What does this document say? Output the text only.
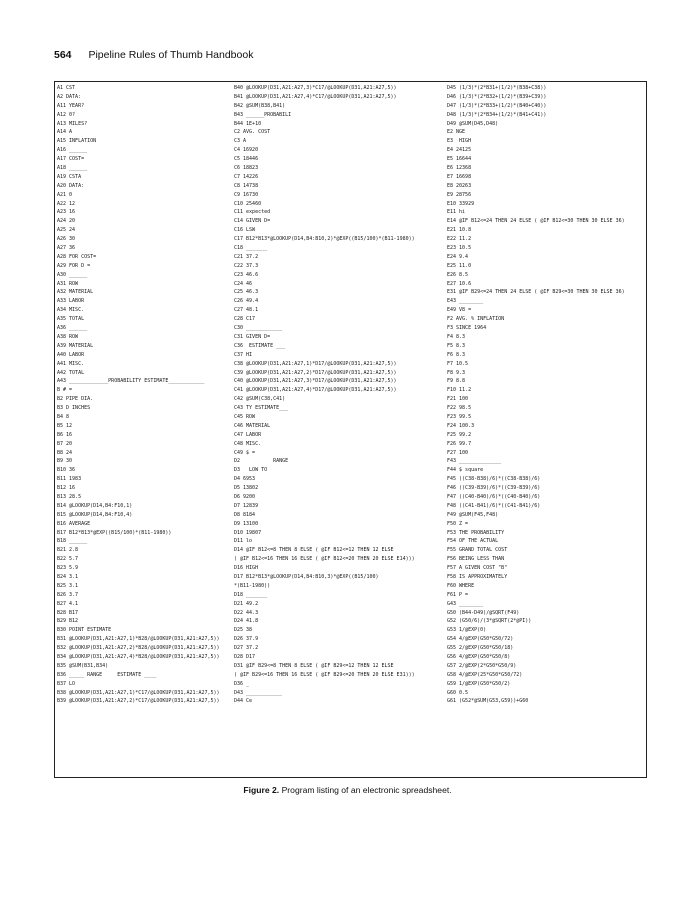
564 Pipeline Rules of Thumb Handbook
A1 CST
A2 DATA:
A11 YEAR?
A12 0?
A13 MILES?
A14 A
A15 INFLATION
A16 ______
A17 COST=
A18 ______
A19 CSTA
A20 DATA:
A21 0
A22 12
A23 16
A24 20
A25 24
A26 30
A27 36
A28 FOR COST=
A29 FOR D =
A30 ______
A31 ROW
A32 MATERIAL
A33 LABOR
A34 MISC.
A35 TOTAL
A36 ______
A38 ROW
A39 MATERIAL
A40 LABOR
A41 MISC.
A42 TOTAL
A43 _____________PROBABILITY ESTIMATE____________
B # =
B2 PIPE DIA.
B3 D INCHES
B4 8
B5 12
B6 16
B7 20
B8 24
B9 30
B10 36
B11 1983
B12 16
B13 28.5
B14 @LOOKUP(D14,B4:F10,1)
B15 @LOOKUP(D14,B4:F10,4)
B16 AVERAGE
B17 B12*B13*@EXP((B15/100)*(B11-1980))
B18 ______
B21 2.8
B22 5.7
B23 5.9
B24 3.1
B25 3.1
B26 3.7
B27 4.1
B28 B17
B29 B12
B30 POINT ESTIMATE
B31 @LOOKUP(D31,A21:A27,1)*B28/@LOOKUP(D31,A21:A27,5))
B32 @LOOKUP(D31,A21:A27,2)*B28/@LOOKUP(D31,A21:A27,5))
B34 @LOOKUP(D31,A21:A27,4)*B28/@LOOKUP(D31,A21:A27,5))
B35 @SUM(B31,B34)
B36 _____ RANGE     ESTIMATE ____
B37 LO
B38 @LOOKUP(D31,A21:A27,1)*C17/@LOOKUP(D31,A21:A27,5))
B39 @LOOKUP(D31,A21:A27,2)*C17/@LOOKUP(D31,A21:A27,5))
B40 @LOOKUP(D31,A21:A27,3)*C17/@LOOKUP(D31,A21:A27,5))
B41 @LOOKUP(D31,A21:A27,4)*C17/@LOOKUP(D31,A21:A27,5))
B42 @SUM(B38,B41)
B43 ______PROBABILI
B44 1E+10
C2 AVG. COST
C3 A
C4 16920
C5 18446
C6 18823
C7 14226
C8 14738
C9 16730
C10 25460
C11 expected
C14 GIVEN D=
C16 LSW
C17 B12*B13*@LOOKUP(D14,B4:B10,2)*@EXP((B15/100)*(B11-1980))
C18 _______
C21 37.2
C22 37.3
C23 46.6
C24 46
C25 46.3
C26 49.4
C27 48.1
C28 C17
C30 ____________
C31 GIVEN D=
C36  ESTIMATE ___
C37 HI
C38 @LOOKUP(D31,A21:A27,1)*D17/@LOOKUP(D31,A21:A27,5))
C39 @LOOKUP(D31,A21:A27,2)*D17/@LOOKUP(D31,A21:A27,5))
C40 @LOOKUP(D31,A21:A27,3)*D17/@LOOKUP(D31,A21:A27,5))
C41 @LOOKUP(D31,A21:A27,4)*D17/@LOOKUP(D31,A21:A27,5))
C42 @SUM(C38,C41)
C43 TY ESTIMATE___
C45 ROW
C46 MATERIAL
C47 LABOR
C48 MISC.
C49 $ =
D2           RANGE
D3   LOW TO
D4 6953
D5 13802
D6 9200
D7 12839
D8 8184
D9 13100
D10 19807
D11 lo
D14 @IF B12<=8 THEN 8 ELSE ( @IF B12<=12 THEN 12 ELSE
( @IF B12<=16 THEN 16 ELSE ( @IF B12<=20 THEN 20 ELSE E14)))
D16 HIGH
D17 B12*B13*@LOOKUP(D14,B4:B10,3)*@EXP((B15/100)
*(B11-1980))
D18 _______
D21 49.2
D22 44.3
D24 41.8
D25 38
D26 37.9
D27 37.2
D28 D17
D31 @IF B29<=8 THEN 8 ELSE ( @IF B29<=12 THEN 12 ELSE
( @IF B29<=16 THEN 16 ELSE ( @IF B29<=20 THEN 20 ELSE E31)))
D36 _
D43 ____________
D44 Ce
D45 (1/3)*(2*B31+(1/2)*(B38+C38))
D46 (1/3)*(2*B32+(1/2)*(B39+C39))
D47 (1/3)*(2*B33+(1/2)*(B40+C40))
D48 (1/3)*(2*B34+(1/2)*(B41+C41))
D49 @SUM(D45,D48)
E2 NGE
E3  HIGH
E4 24125
E5 16644
E6 12368
E7 16698
E8 20263
E9 28756
E10 33929
E11 hi
E14 @IF B12<=24 THEN 24 ELSE ( @IF B12<=30 THEN 30 ELSE 36)
E21 10.8
E22 11.2
E23 10.5
E24 9.4
E25 11.0
E26 8.5
E27 10.6
E31 @IF B29<=24 THEN 24 ELSE ( @IF B29<=30 THEN 30 ELSE 36)
E43 ________
E49 V8 =
F2 AVG. % INFLATION
F3 SINCE 1964
F4 8.3
F5 8.3
F6 8.3
F7 10.5
F8 9.3
F9 8.8
F10 11.2
F21 100
F22 98.5
F23 99.5
F24 100.3
F25 99.2
F26 99.7
F27 100
F43 ______________
F44 $ square
F45 ((C38-B38)/6)*((C38-B38)/6)
F46 ((C39-B39)/6)*((C39-B39)/6)
F47 ((C40-B40)/6)*((C40-B40)/6)
F48 ((C41-B41)/6)*((C41-B41)/6)
F49 @SUM(F45,F48)
F50 Z =
F53 THE PROBABILITY
F54 OF THE ACTUAL
F55 GRAND TOTAL COST
F56 BEING LESS THAN
F57 A GIVEN COST "B"
F58 IS APPROXIMATELY
F60 WHERE
F61 P =
G43 ________
G50 (B44-D49)/@SQRT(F49)
G52 (G50/6)/(3*@SQRT(2*@PI))
G53 1/@EXP(0)
G54 4/@EXP(G50*G50/72)
G55 2/@EXP(G50*G50/18)
G56 4/@EXP(G50*G50/8)
G57 2/@EXP(2*G50*G50/9)
G58 4/@EXP(25*G50*G50/72)
G59 1/@EXP(G50*G50/2)
G60 0.5
G61 (G52*@SUM(G53,G59))+G60
Figure 2. Program listing of an electronic spreadsheet.
